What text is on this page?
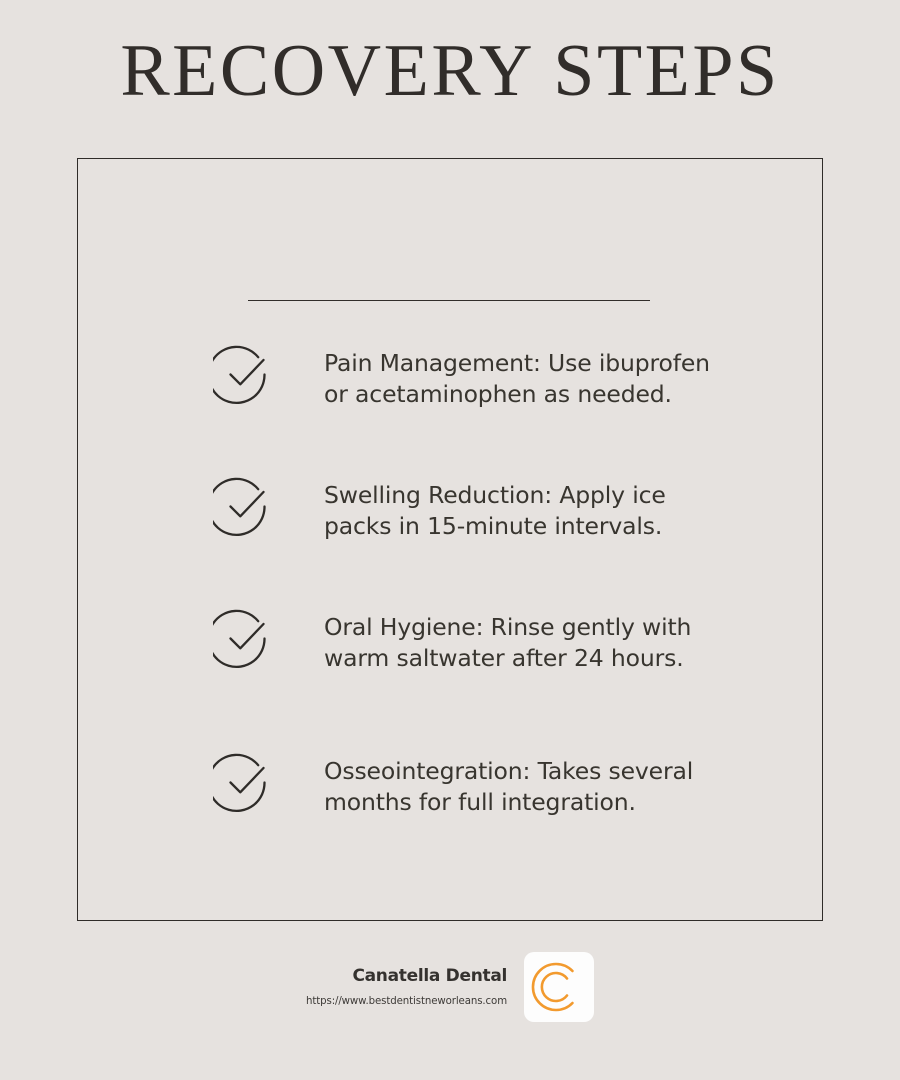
RECOVERY STEPS
Pain Management: Use ibuprofen or acetaminophen as needed.
Swelling Reduction: Apply ice packs in 15-minute intervals.
Oral Hygiene: Rinse gently with warm saltwater after 24 hours.
Osseointegration: Takes several months for full integration.
Canatella Dental
https://www.bestdentistneworleans.com
